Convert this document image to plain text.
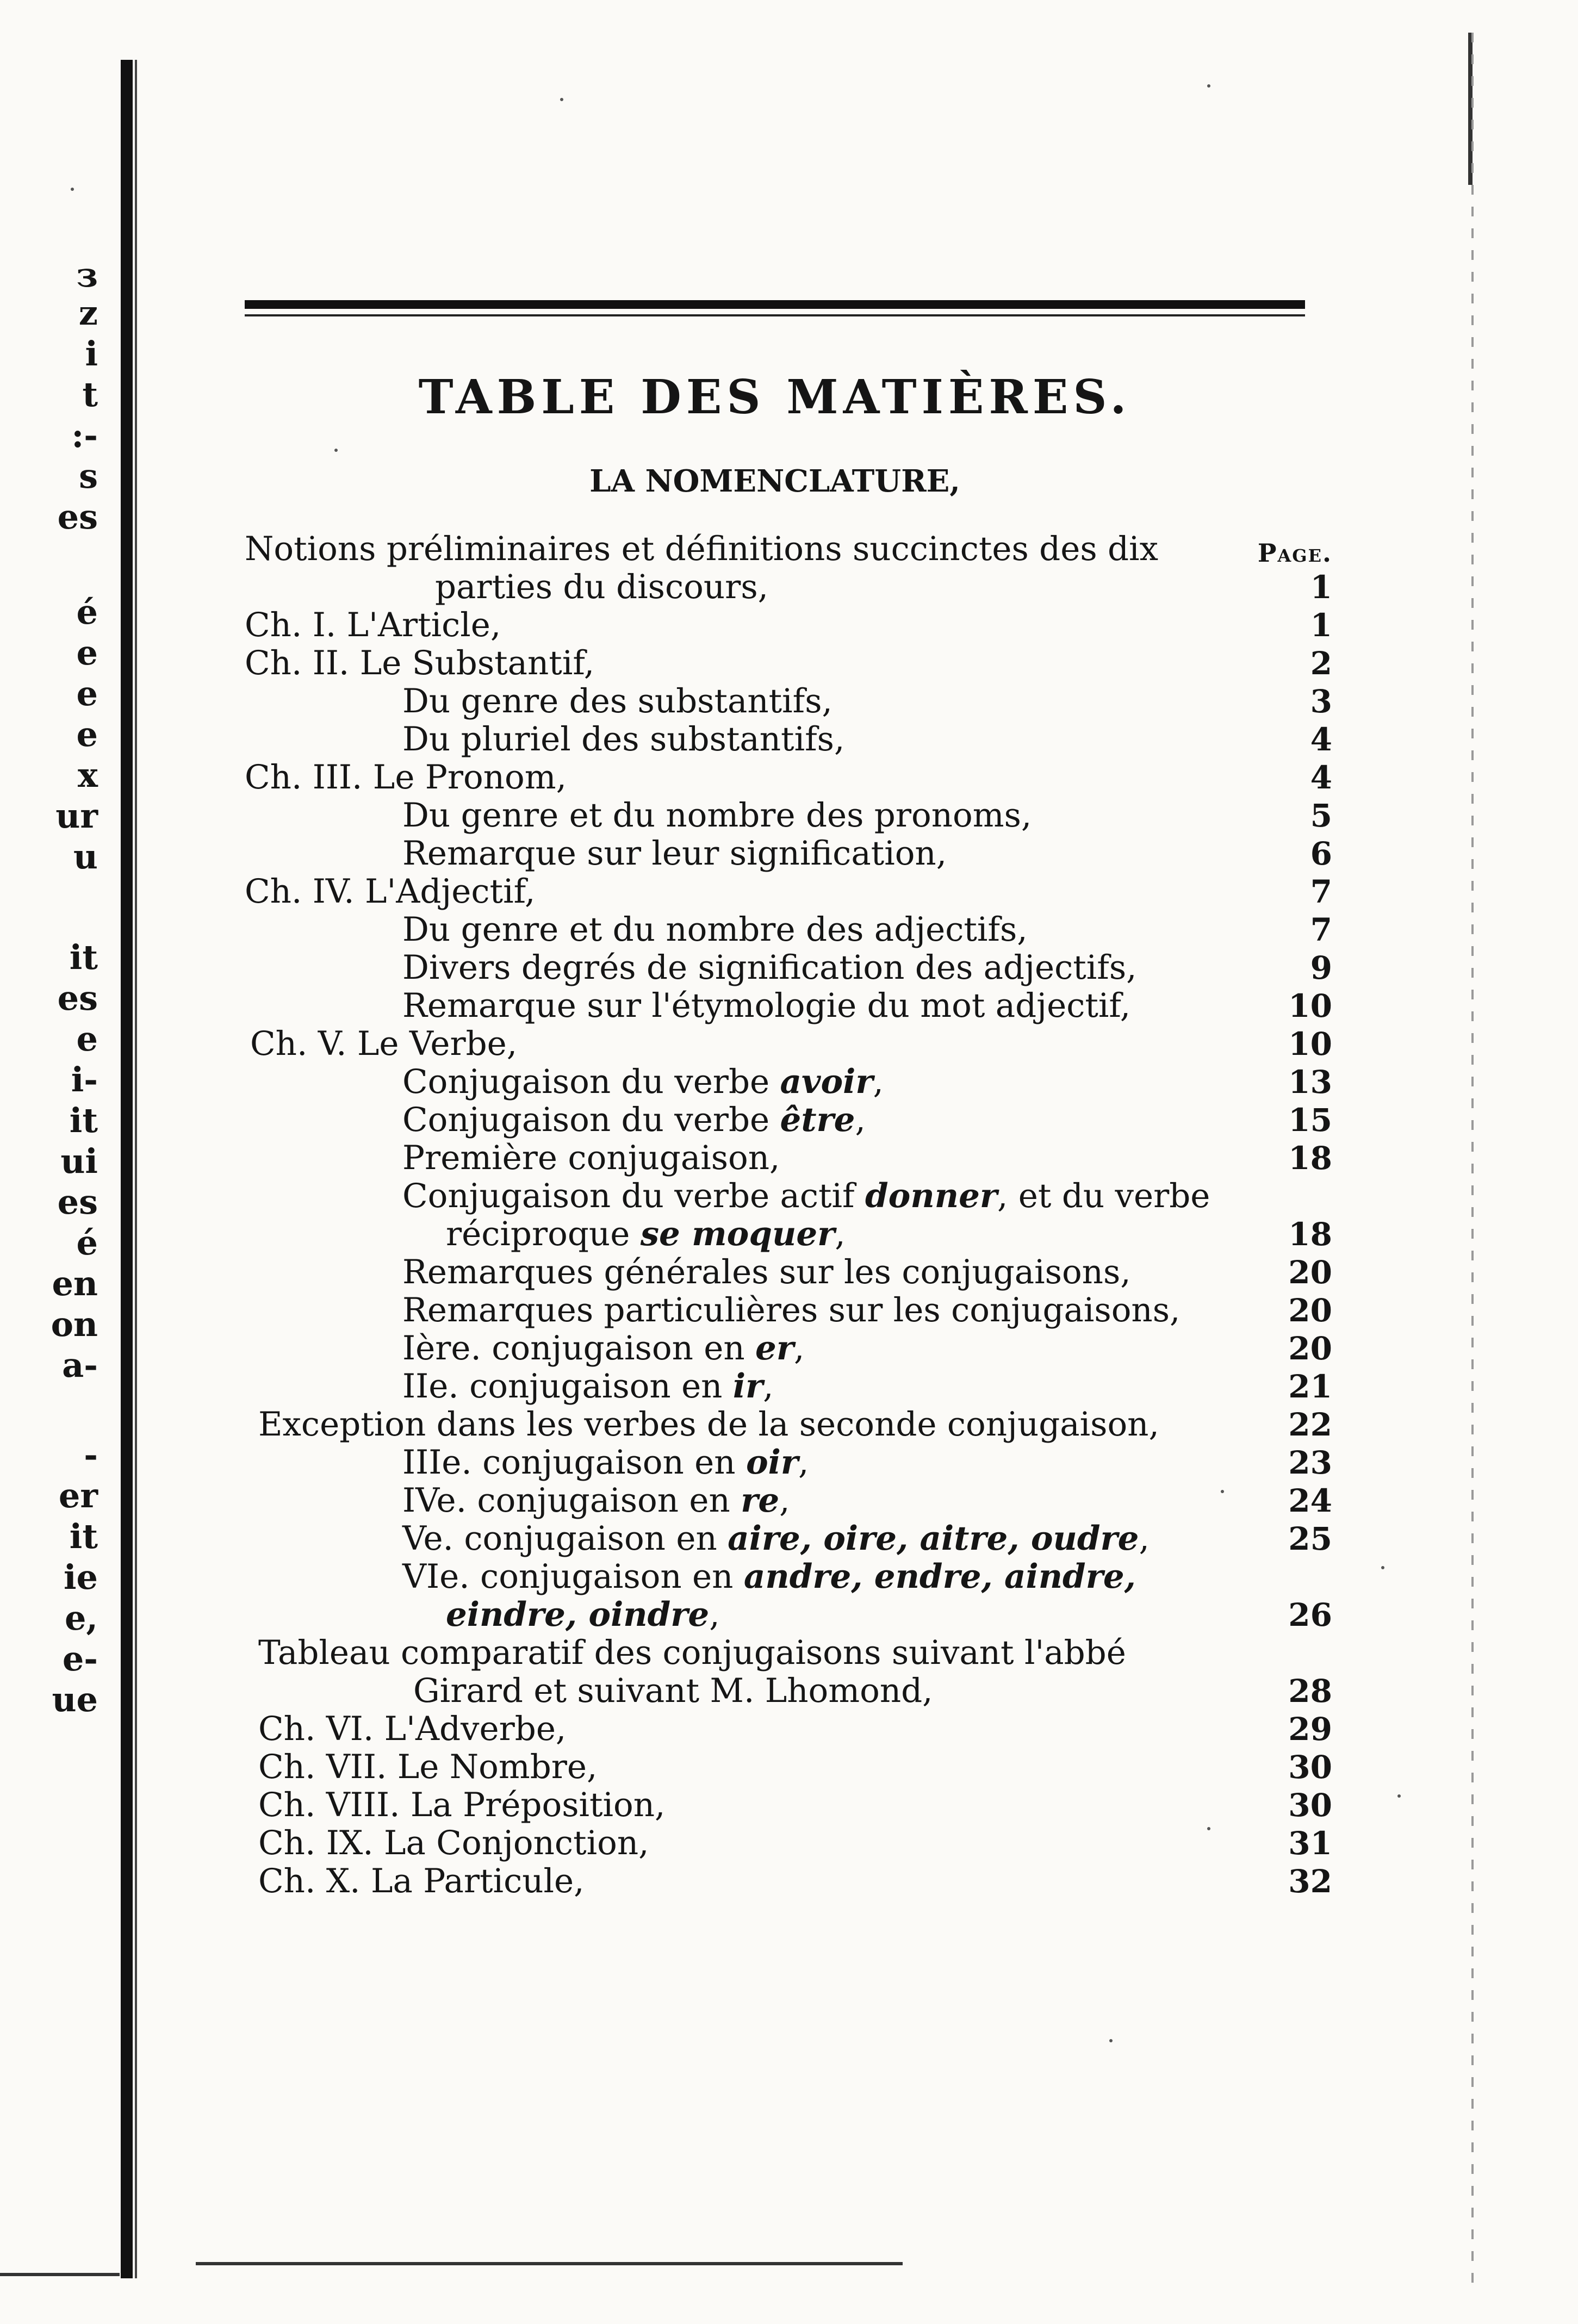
з
z
i
t
:-
s
es
é
e
e
e
x
ur
u
it
es
e
i-
it
ui
es
é
en
on
a-
-
er
it
ie
e,
e-
ue
TABLE DES MATIÈRES.
LA NOMENCLATURE,
Page.
Notions préliminaires et définitions succinctes des dix
parties du discours,	1
Ch. I. L'Article,	1
Ch. II. Le Substantif,	2
Du genre des substantifs,	3
Du pluriel des substantifs,	4
Ch. III. Le Pronom,	4
Du genre et du nombre des pronoms,	5
Remarque sur leur signification,	6
Ch. IV. L'Adjectif,	7
Du genre et du nombre des adjectifs,	7
Divers degrés de signification des adjectifs,	9
Remarque sur l'étymologie du mot adjectif,	10
Ch. V. Le Verbe,	10
Conjugaison du verbe avoir,	13
Conjugaison du verbe être,	15
Première conjugaison,	18
Conjugaison du verbe actif donner, et du verbe
réciproque se moquer,	18
Remarques générales sur les conjugaisons,	20
Remarques particulières sur les conjugaisons,	20
Ière. conjugaison en er,	20
IIe. conjugaison en ir,	21
Exception dans les verbes de la seconde conjugaison,	22
IIIe. conjugaison en oir,	23
IVe. conjugaison en re,	24
Ve. conjugaison en aire, oire, aitre, oudre,	25
VIe. conjugaison en andre, endre, aindre,
eindre, oindre,	26
Tableau comparatif des conjugaisons suivant l'abbé
Girard et suivant M. Lhomond,	28
Ch. VI. L'Adverbe,	29
Ch. VII. Le Nombre,	30
Ch. VIII. La Préposition,	30
Ch. IX. La Conjonction,	31
Ch. X. La Particule,	32
